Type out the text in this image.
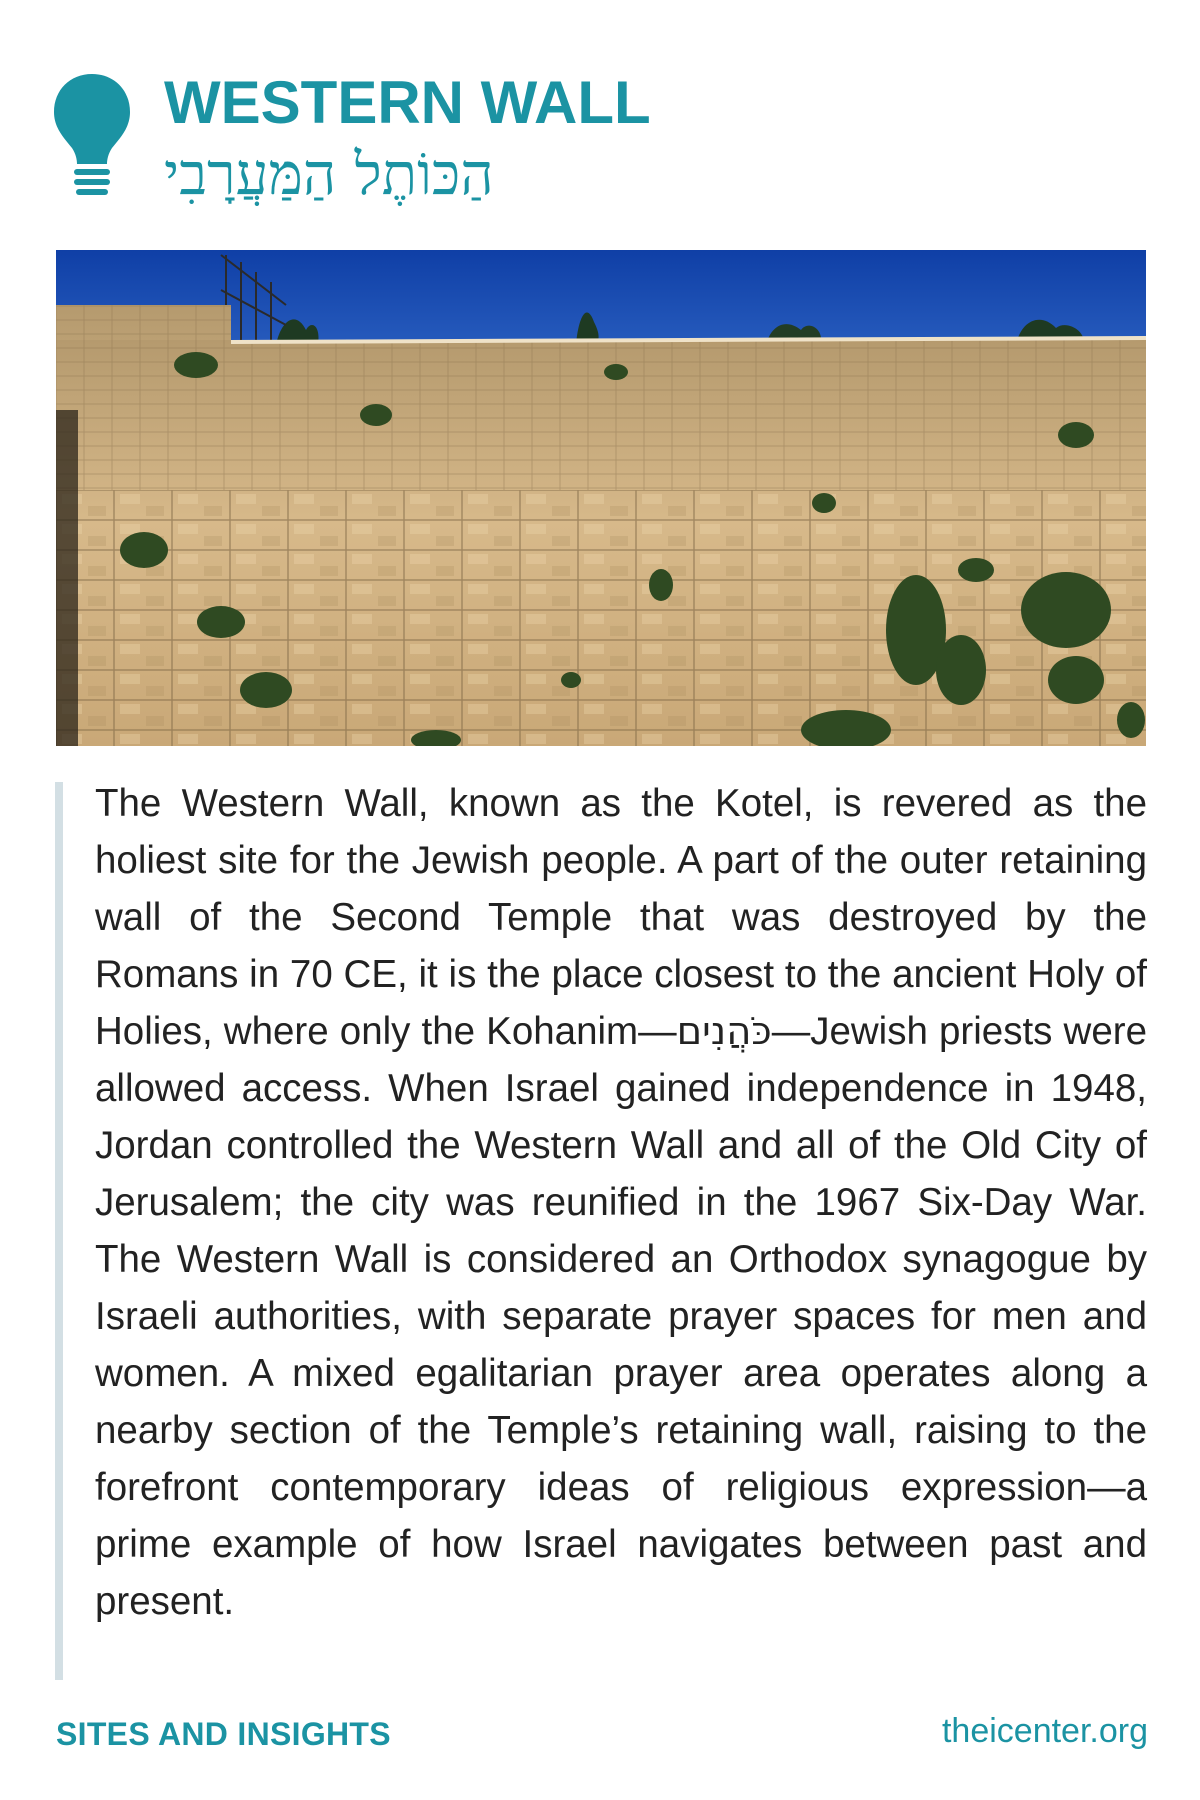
WESTERN WALL
הַכּוֹתֶל הַמַּעֲרָבִי

The Western Wall, known as the Kotel, is revered as the holiest site for the Jewish people. A part of the outer retaining wall of the Second Temple that was destroyed by the Romans in 70 CE, it is the place closest to the ancient Holy of Holies, where only the Kohanim—כֹּהֲנִים—Jewish priests were allowed access. When Israel gained independence in 1948, Jordan controlled the Western Wall and all of the Old City of Jerusalem; the city was reunified in the 1967 Six-Day War. The Western Wall is considered an Orthodox synagogue by Israeli authorities, with separate prayer spaces for men and women. A mixed egalitarian prayer area operates along a nearby section of the Temple’s retaining wall, raising to the forefront contemporary ideas of religious expression—a prime example of how Israel navigates between past and present.

SITES AND INSIGHTS	theicenter.org
